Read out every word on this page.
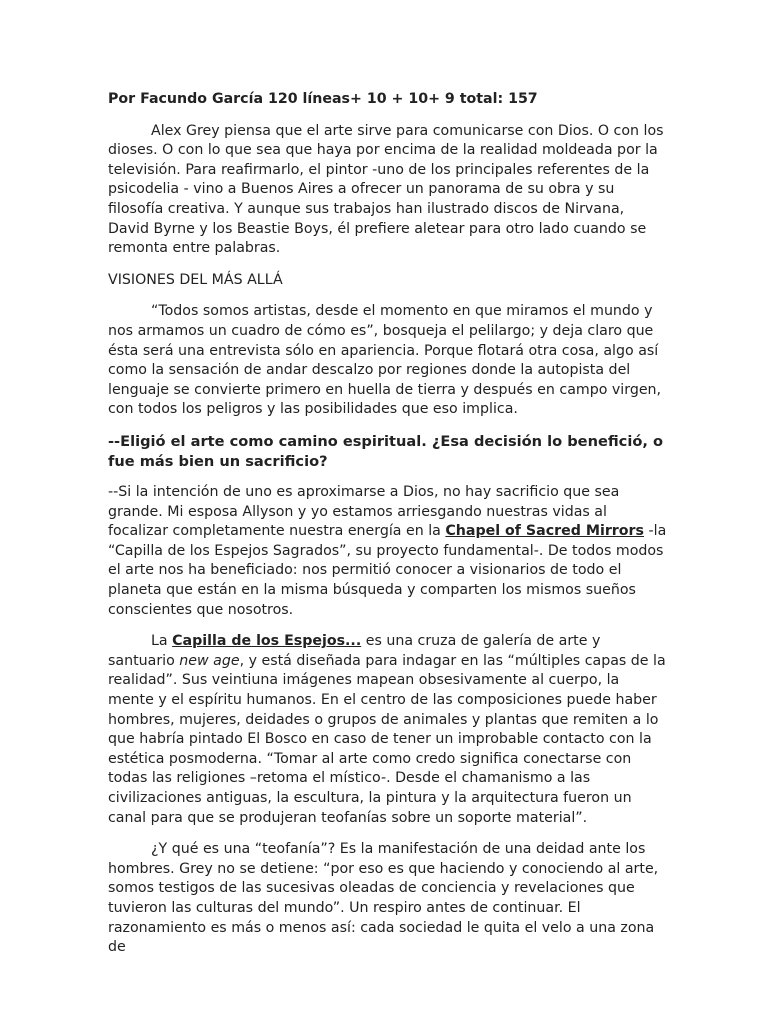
Por Facundo García 120 líneas+ 10 + 10+ 9 total: 157

Alex Grey piensa que el arte sirve para comunicarse con Dios. O con los dioses. O con lo que sea que haya por encima de la realidad moldeada por la televisión. Para reafirmarlo, el pintor -uno de los principales referentes de la psicodelia - vino a Buenos Aires a ofrecer un panorama de su obra y su filosofía creativa. Y aunque sus trabajos han ilustrado discos de Nirvana, David Byrne y los Beastie Boys, él prefiere aletear para otro lado cuando se remonta entre palabras.

VISIONES DEL MÁS ALLÁ

“Todos somos artistas, desde el momento en que miramos el mundo y nos armamos un cuadro de cómo es”, bosqueja el pelilargo; y deja claro que ésta será una entrevista sólo en apariencia. Porque flotará otra cosa, algo así como la sensación de andar descalzo por regiones donde la autopista del lenguaje se convierte primero en huella de tierra y después en campo virgen, con todos los peligros y las posibilidades que eso implica.

--Eligió el arte como camino espiritual. ¿Esa decisión lo benefició, o fue más bien un sacrificio?

--Si la intención de uno es aproximarse a Dios, no hay sacrificio que sea grande. Mi esposa Allyson y yo estamos arriesgando nuestras vidas al focalizar completamente nuestra energía en la Chapel of Sacred Mirrors -la “Capilla de los Espejos Sagrados”, su proyecto fundamental-. De todos modos el arte nos ha beneficiado: nos permitió conocer a visionarios de todo el planeta que están en la misma búsqueda y comparten los mismos sueños conscientes que nosotros.

La Capilla de los Espejos... es una cruza de galería de arte y santuario new age, y está diseñada para indagar en las “múltiples capas de la realidad”. Sus veintiuna imágenes mapean obsesivamente al cuerpo, la mente y el espíritu humanos. En el centro de las composiciones puede haber hombres, mujeres, deidades o grupos de animales y plantas que remiten a lo que habría pintado El Bosco en caso de tener un improbable contacto con la estética posmoderna. “Tomar al arte como credo significa conectarse con todas las religiones –retoma el místico-. Desde el chamanismo a las civilizaciones antiguas, la escultura, la pintura y la arquitectura fueron un canal para que se produjeran teofanías sobre un soporte material”.

¿Y qué es una “teofanía”? Es la manifestación de una deidad ante los hombres. Grey no se detiene: “por eso es que haciendo y conociendo al arte, somos testigos de las sucesivas oleadas de conciencia y revelaciones que tuvieron las culturas del mundo”. Un respiro antes de continuar. El razonamiento es más o menos así: cada sociedad le quita el velo a una zona de
